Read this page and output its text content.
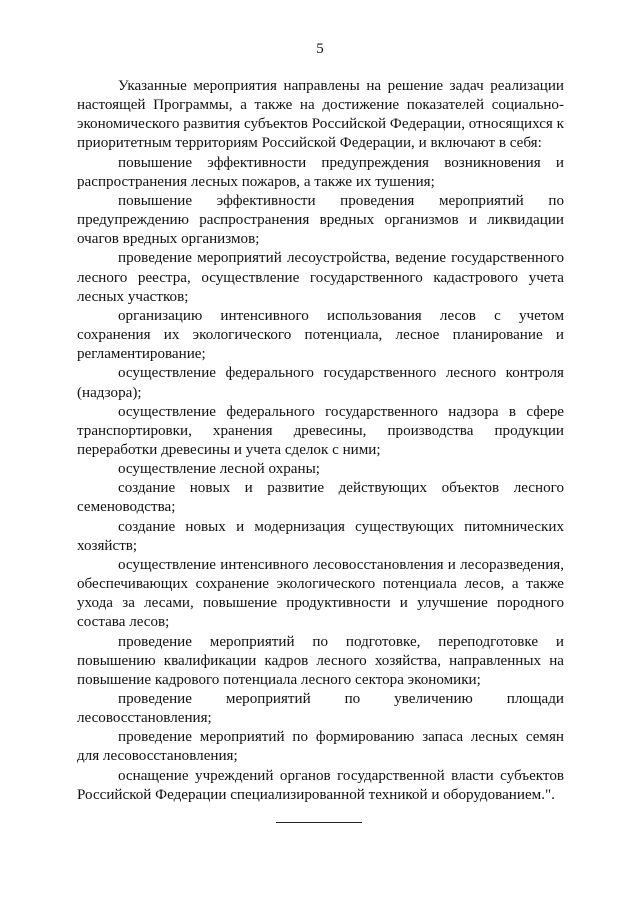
5

Указанные мероприятия направлены на решение задач реализации настоящей Программы, а также на достижение показателей социально-экономического развития субъектов Российской Федерации, относящихся к приоритетным территориям Российской Федерации, и включают в себя:

повышение эффективности предупреждения возникновения и распространения лесных пожаров, а также их тушения;

повышение эффективности проведения мероприятий по предупреждению распространения вредных организмов и ликвидации очагов вредных организмов;

проведение мероприятий лесоустройства, ведение государственного лесного реестра, осуществление государственного кадастрового учета лесных участков;

организацию интенсивного использования лесов с учетом сохранения их экологического потенциала, лесное планирование и регламентирование;

осуществление федерального государственного лесного контроля (надзора);

осуществление федерального государственного надзора в сфере транспортировки, хранения древесины, производства продукции переработки древесины и учета сделок с ними;

осуществление лесной охраны;

создание новых и развитие действующих объектов лесного семеноводства;

создание новых и модернизация существующих питомнических хозяйств;

осуществление интенсивного лесовосстановления и лесоразведения, обеспечивающих сохранение экологического потенциала лесов, а также ухода за лесами, повышение продуктивности и улучшение породного состава лесов;

проведение мероприятий по подготовке, переподготовке и повышению квалификации кадров лесного хозяйства, направленных на повышение кадрового потенциала лесного сектора экономики;

проведение мероприятий по увеличению площади лесовосстановления;

проведение мероприятий по формированию запаса лесных семян для лесовосстановления;

оснащение учреждений органов государственной власти субъектов Российской Федерации специализированной техникой и оборудованием.".
